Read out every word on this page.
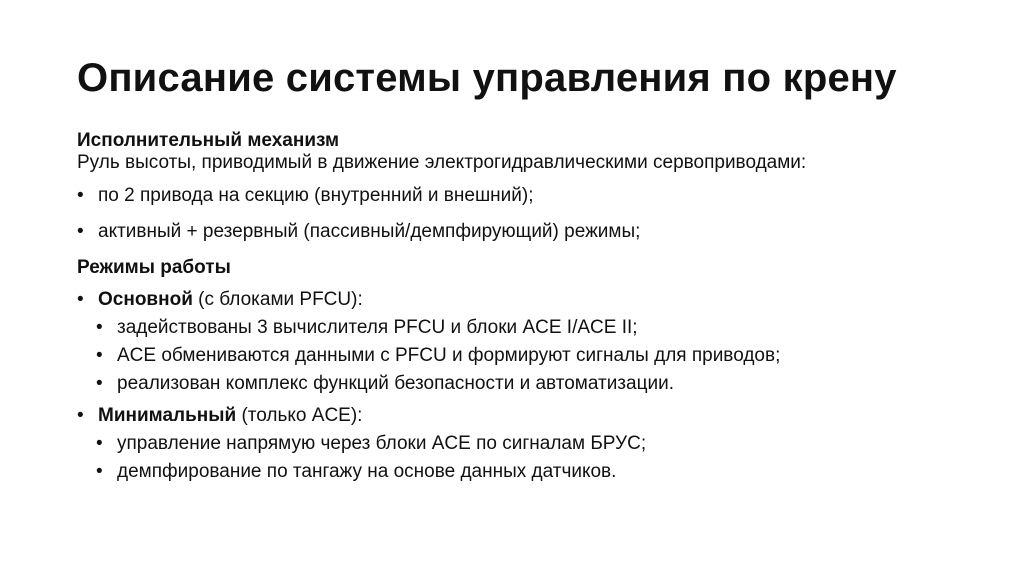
Описание системы управления по крену
Исполнительный механизм
Руль высоты, приводимый в движение электрогидравлическими сервоприводами:
• по 2 привода на секцию (внутренний и внешний);
• активный + резервный (пассивный/демпфирующий) режимы;
Режимы работы
• Основной (с блоками PFCU):
• задействованы 3 вычислителя PFCU и блоки ACE I/ACE II;
• ACE обмениваются данными с PFCU и формируют сигналы для приводов;
• реализован комплекс функций безопасности и автоматизации.
• Минимальный (только ACE):
• управление напрямую через блоки ACE по сигналам БРУС;
• демпфирование по тангажу на основе данных датчиков.
